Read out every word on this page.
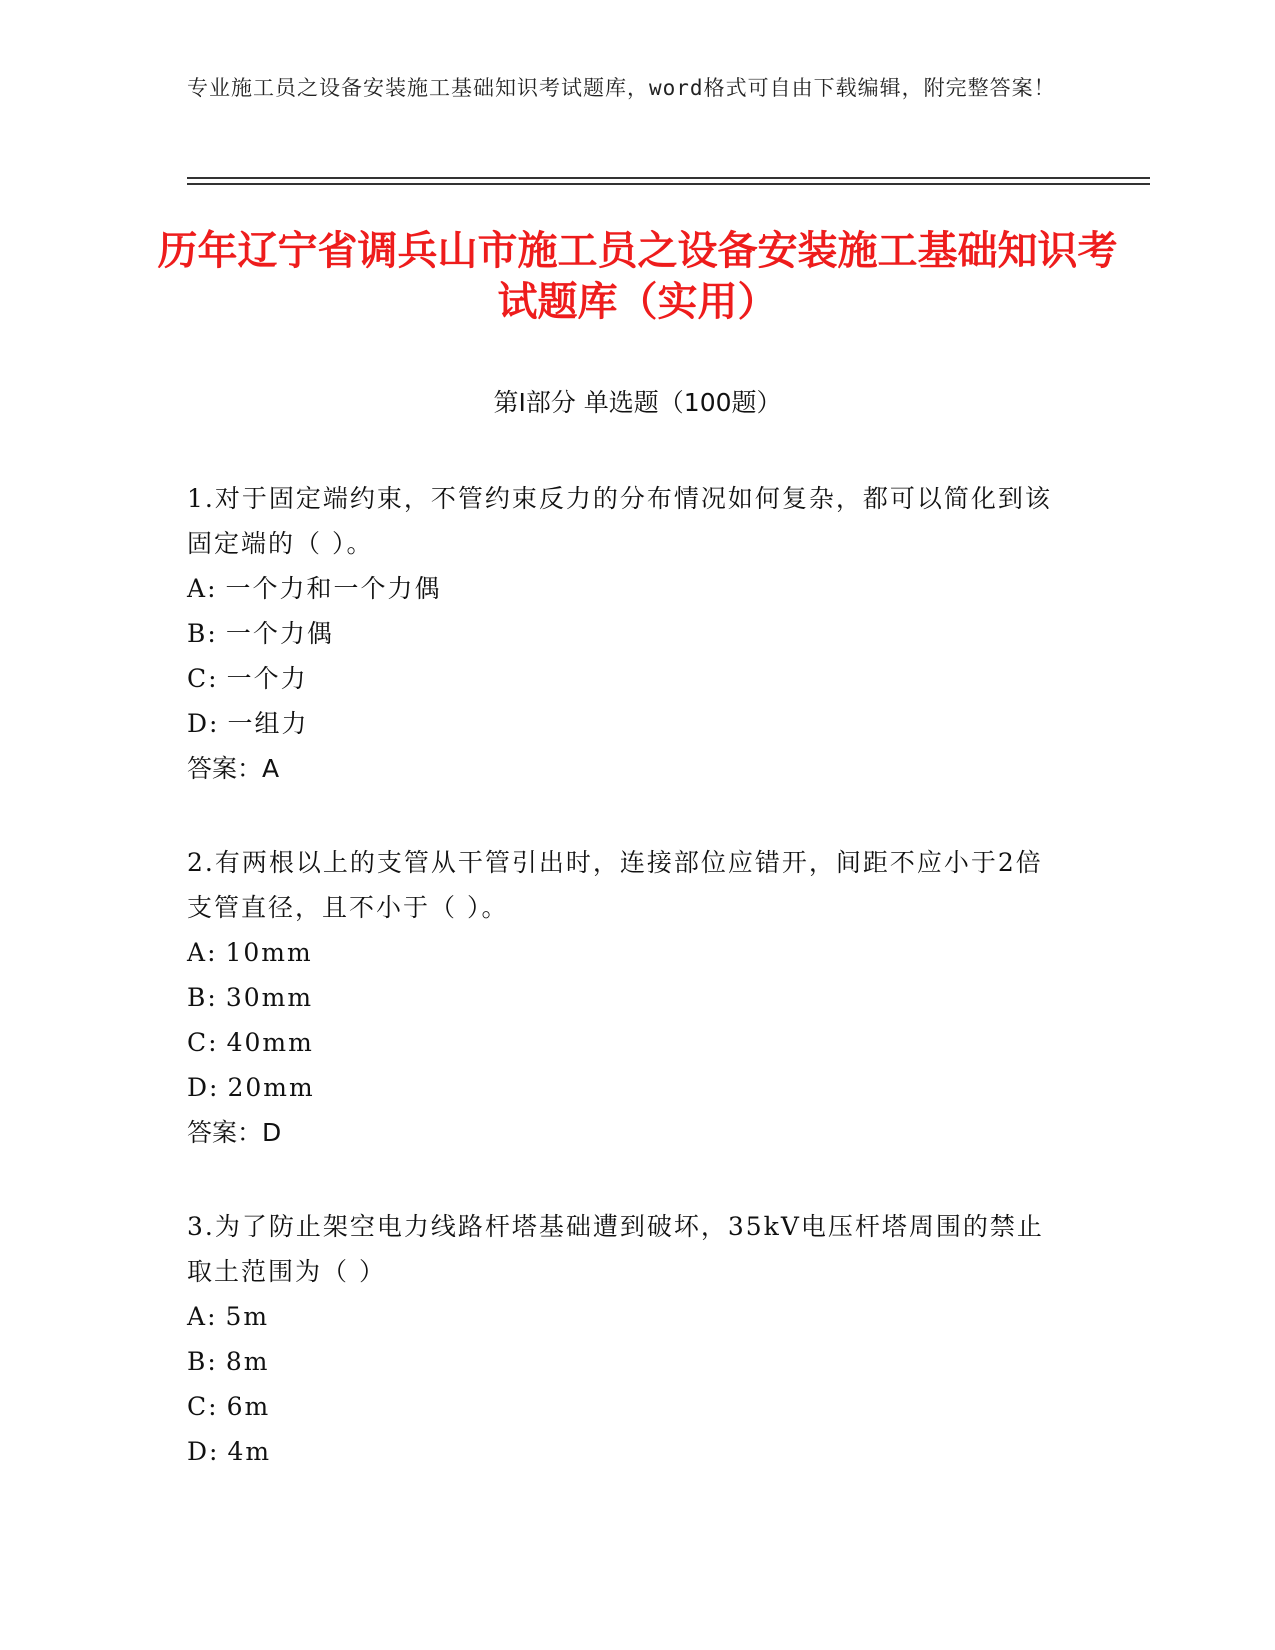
专业施工员之设备安装施工基础知识考试题库，word格式可自由下载编辑，附完整答案！
历年辽宁省调兵山市施工员之设备安装施工基础知识考试题库（实用）
第Ⅰ部分 单选题（100题）

1.对于固定端约束，不管约束反力的分布情况如何复杂，都可以简化到该固定端的（ ）。

A: 一个力和一个力偶

B: 一个力偶

C: 一个力

D: 一组力

答案：A

2.有两根以上的支管从干管引出时，连接部位应错开，间距不应小于2倍支管直径，且不小于（ ）。

A: 10mm

B: 30mm

C: 40mm

D: 20mm

答案：D

3.为了防止架空电力线路杆塔基础遭到破坏，35kV电压杆塔周围的禁止取土范围为（ ）

A: 5m

B: 8m

C: 6m

D: 4m
